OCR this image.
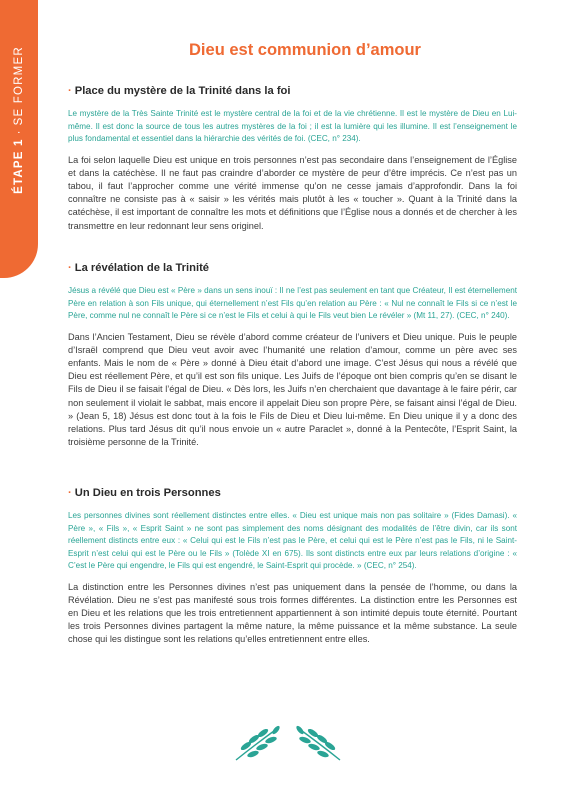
ÉTAPE 1·SE FORMER	Dieu est communion d’amour
· Place du mystère de la Trinité dans la foi

Le mystère de la Très Sainte Trinité est le mystère central de la foi et de la vie chrétienne. Il est le mystère de Dieu en Lui-même. Il est donc la source de tous les autres mystères de la foi ; il est la lumière qui les illumine. Il est l’enseignement le plus fondamental et essentiel dans la hiérarchie des vérités de foi. (CEC, n° 234).

La foi selon laquelle Dieu est unique en trois personnes n’est pas secondaire dans l’enseignement de l’Église et dans la catéchèse. Il ne faut pas craindre d’aborder ce mystère de peur d’être imprécis. Ce n’est pas un tabou, il faut l’approcher comme une vérité immense qu’on ne cesse jamais d’approfondir. Dans la foi connaître ne consiste pas à « saisir » les vérités mais plutôt à les « toucher ». Quant à la Trinité dans la catéchèse, il est important de connaître les mots et définitions que l’Église nous a donnés et de chercher à les transmettre en leur redonnant leur sens originel.

· La révélation de la Trinité

Jésus a révélé que Dieu est « Père » dans un sens inouï : Il ne l’est pas seulement en tant que Créateur, Il est éternellement Père en relation à son Fils unique, qui éternellement n’est Fils qu’en relation au Père : « Nul ne connaît le Fils si ce n’est le Père, comme nul ne connaît le Père si ce n’est le Fils et celui à qui le Fils veut bien Le révéler » (Mt 11, 27). (CEC, n° 240).

Dans l’Ancien Testament, Dieu se révèle d’abord comme créateur de l’univers et Dieu unique. Puis le peuple d’Israël comprend que Dieu veut avoir avec l’humanité une relation d’amour, comme un père avec ses enfants. Mais le nom de « Père » donné à Dieu était d’abord une image. C’est Jésus qui nous a révélé que Dieu est réellement Père, et qu’il est son fils unique. Les Juifs de l’époque ont bien compris qu’en se disant le Fils de Dieu il se faisait l’égal de Dieu. « Dès lors, les Juifs n’en cherchaient que davantage à le faire périr, car non seulement il violait le sabbat, mais encore il appelait Dieu son propre Père, se faisant ainsi l’égal de Dieu. » (Jean 5, 18) Jésus est donc tout à la fois le Fils de Dieu et Dieu lui-même. En Dieu unique il y a donc des relations. Plus tard Jésus dit qu’il nous envoie un « autre Paraclet », donné à la Pentecôte, l’Esprit Saint, la troisième personne de la Trinité.

· Un Dieu en trois Personnes

Les personnes divines sont réellement distinctes entre elles. « Dieu est unique mais non pas solitaire » (Fides Damasi). « Père », « Fils », « Esprit Saint » ne sont pas simplement des noms désignant des modalités de l’être divin, car ils sont réellement distincts entre eux : « Celui qui est le Fils n’est pas le Père, et celui qui est le Père n’est pas le Fils, ni le Saint-Esprit n’est celui qui est le Père ou le Fils » (Tolède XI en 675). Ils sont distincts entre eux par leurs relations d’origine : « C’est le Père qui engendre, le Fils qui est engendré, le Saint-Esprit qui procède. » (CEC, n° 254).

La distinction entre les Personnes divines n’est pas uniquement dans la pensée de l’homme, ou dans la Révélation. Dieu ne s’est pas manifesté sous trois formes différentes. La distinction entre les Personnes est en Dieu et les relations que les trois entretiennent appartiennent à son intimité depuis toute éternité. Pourtant les trois Personnes divines partagent la même nature, la même puissance et la même substance. La seule chose qui les distingue sont les relations qu’elles entretiennent entre elles.
